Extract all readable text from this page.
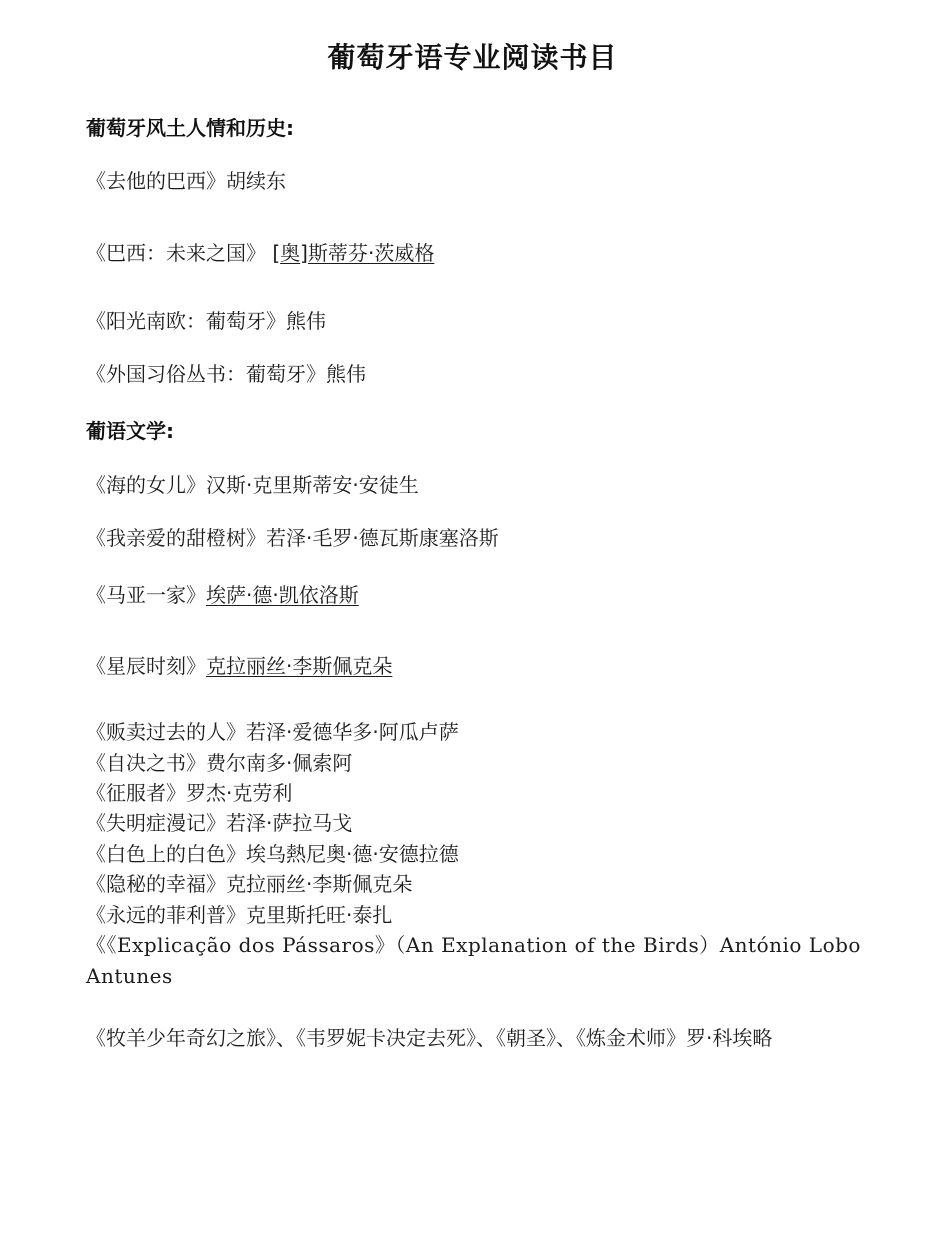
葡萄牙语专业阅读书目
葡萄牙风土人情和历史:
《去他的巴西》胡续东
《巴西：未来之国》 [奥]斯蒂芬·茨威格
《阳光南欧：葡萄牙》熊伟
《外国习俗丛书：葡萄牙》熊伟
葡语文学:
《海的女儿》汉斯·克里斯蒂安·安徒生
《我亲爱的甜橙树》若泽·毛罗·德瓦斯康塞洛斯
《马亚一家》埃萨·德·凯依洛斯
《星辰时刻》克拉丽丝·李斯佩克朵
《贩卖过去的人》若泽·爱德华多·阿瓜卢萨
《自决之书》费尔南多·佩索阿
《征服者》罗杰·克劳利
《失明症漫记》若泽·萨拉马戈
《白色上的白色》埃乌熱尼奥·德·安德拉德
《隐秘的幸福》克拉丽丝·李斯佩克朵
《永远的菲利普》克里斯托旺·泰扎
《《Explicação dos Pássaros》（An Explanation of the Birds）António Lobo Antunes
《牧羊少年奇幻之旅》、《韦罗妮卡决定去死》、《朝圣》、《炼金术师》罗·科埃略
